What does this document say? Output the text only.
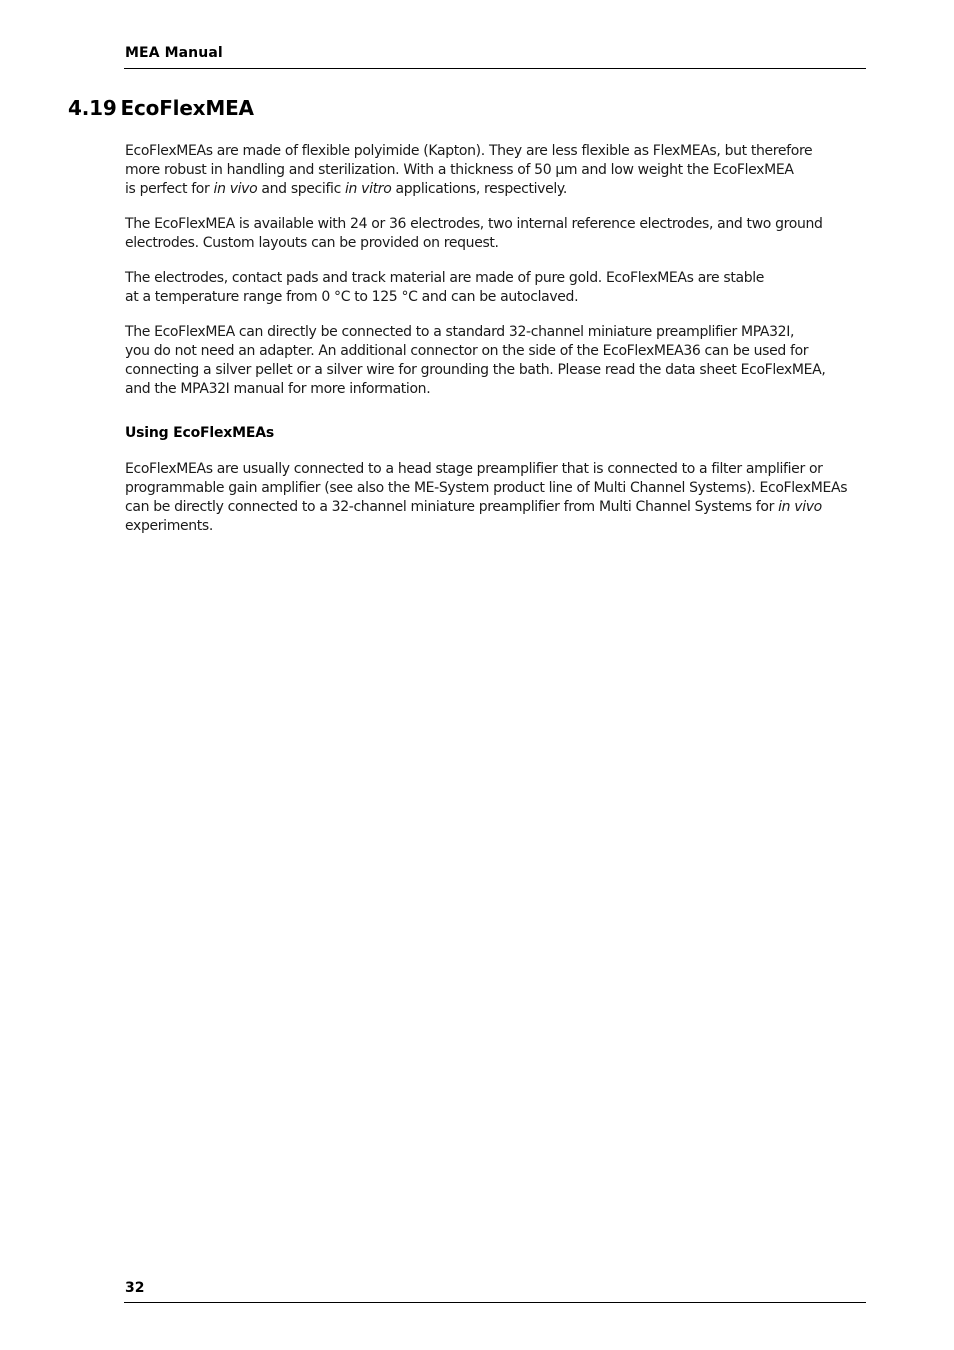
MEA Manual
4.19 EcoFlexMEA

EcoFlexMEAs are made of flexible polyimide (Kapton). They are less flexible as FlexMEAs, but therefore
more robust in handling and sterilization. With a thickness of 50 µm and low weight the EcoFlexMEA
is perfect for in vivo and specific in vitro applications, respectively.

The EcoFlexMEA is available with 24 or 36 electrodes, two internal reference electrodes, and two ground
electrodes. Custom layouts can be provided on request.

The electrodes, contact pads and track material are made of pure gold. EcoFlexMEAs are stable
at a temperature range from 0 °C to 125 °C and can be autoclaved.

The EcoFlexMEA can directly be connected to a standard 32-channel miniature preamplifier MPA32I,
you do not need an adapter. An additional connector on the side of the EcoFlexMEA36 can be used for
connecting a silver pellet or a silver wire for grounding the bath. Please read the data sheet EcoFlexMEA,
and the MPA32I manual for more information.

Using EcoFlexMEAs

EcoFlexMEAs are usually connected to a head stage preamplifier that is connected to a filter amplifier or
programmable gain amplifier (see also the ME-System product line of Multi Channel Systems). EcoFlexMEAs
can be directly connected to a 32-channel miniature preamplifier from Multi Channel Systems for in vivo
experiments.

32
